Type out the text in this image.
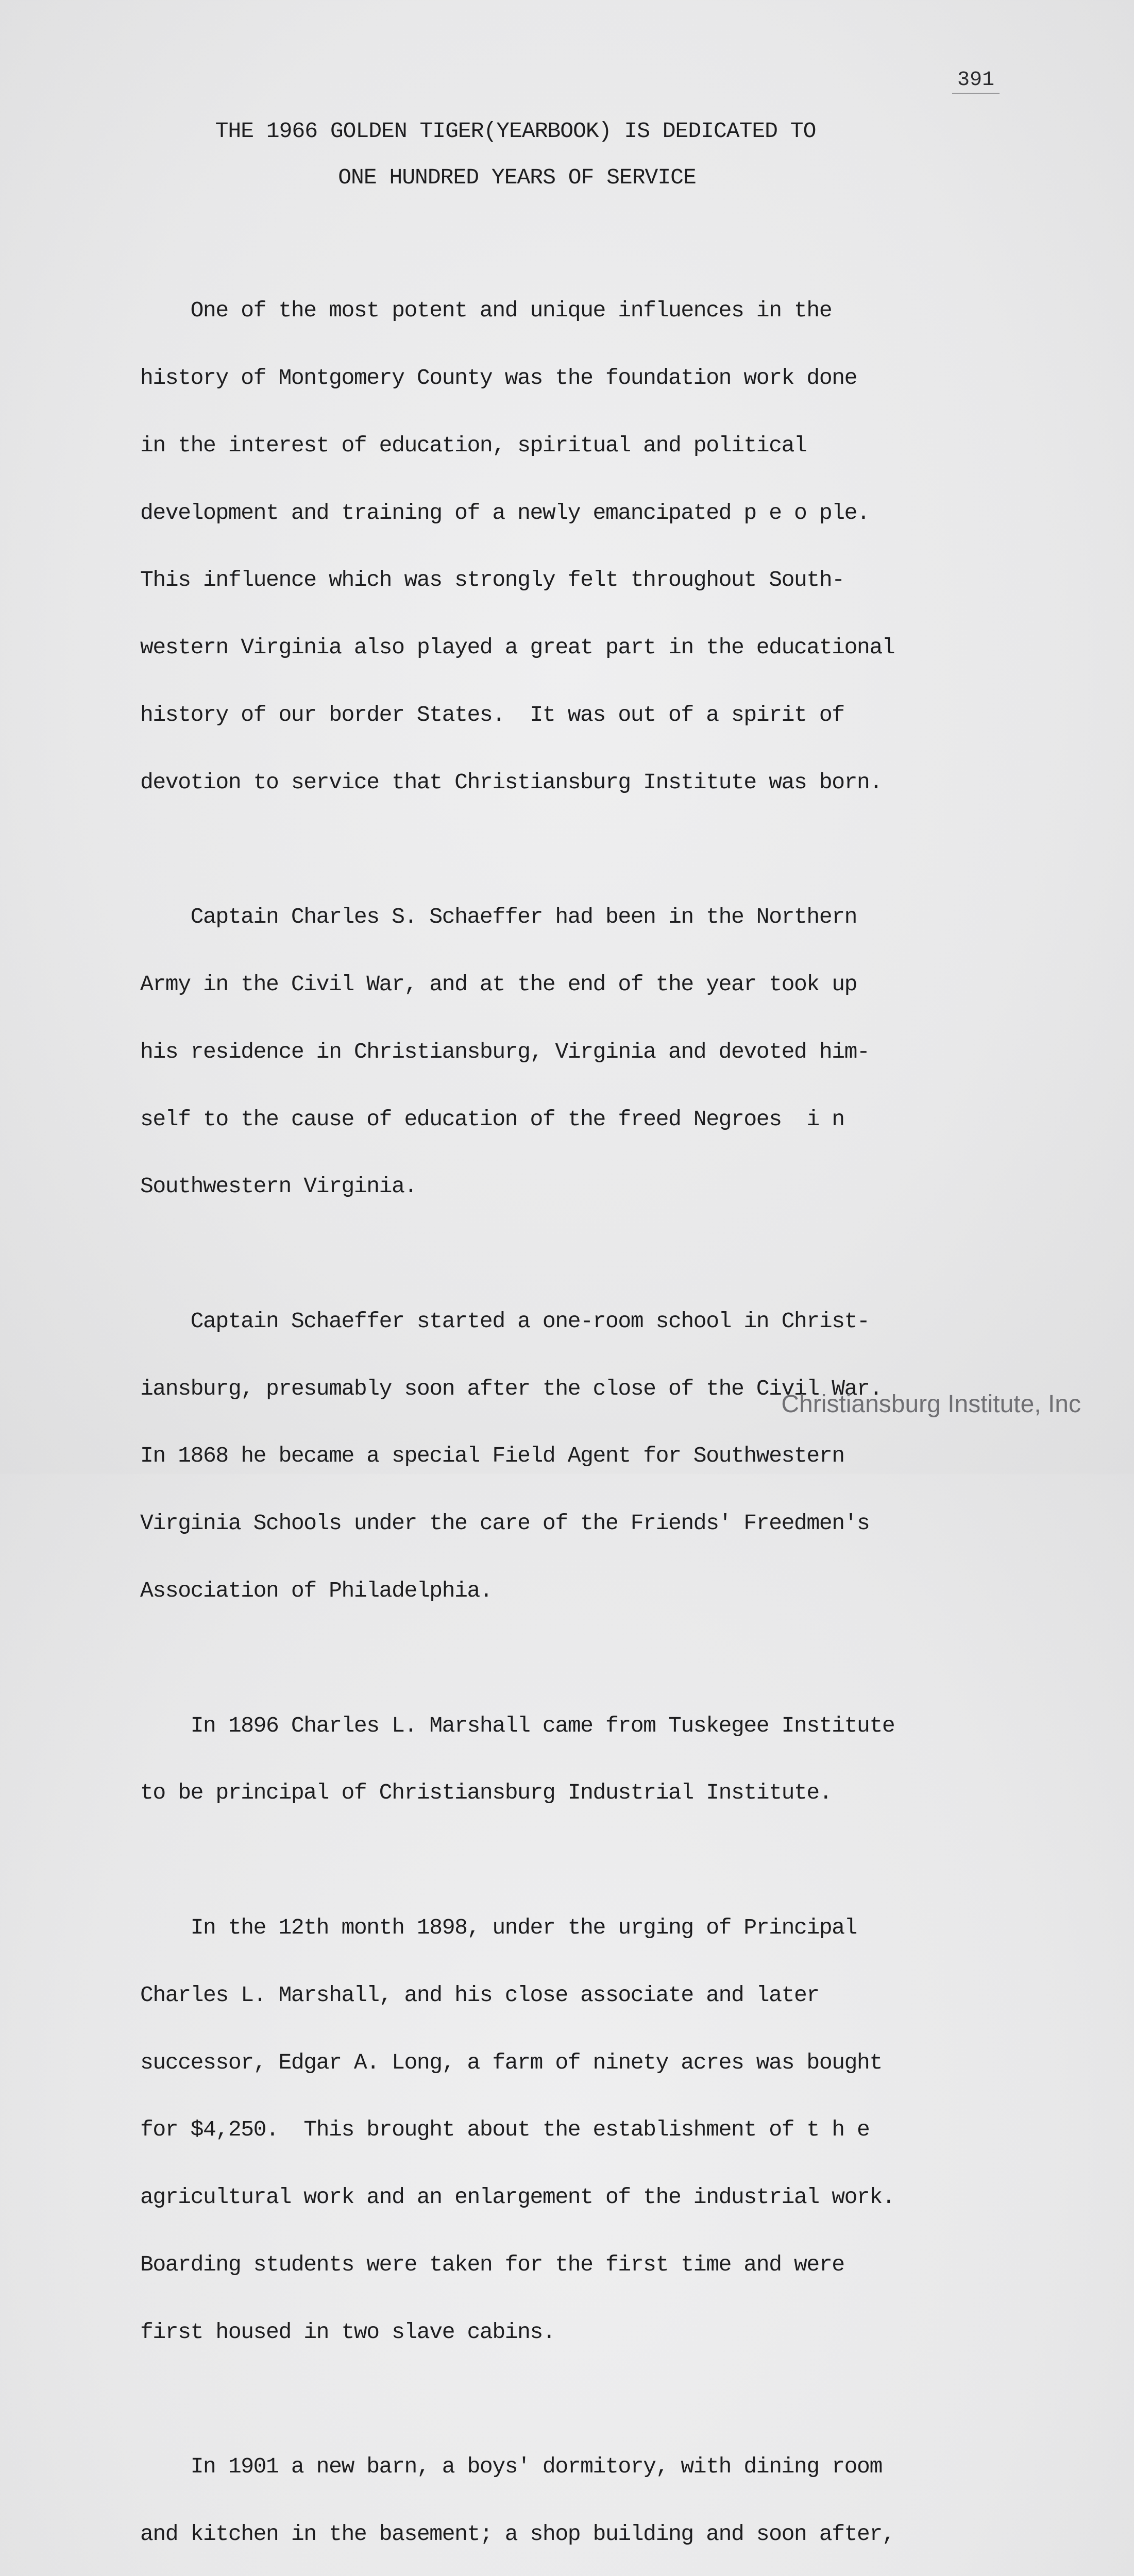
391
THE 1966 GOLDEN TIGER(YEARBOOK) IS DEDICATED TO
ONE HUNDRED YEARS OF SERVICE

One of the most potent and unique influences in the

history of Montgomery County was the foundation work done

in the interest of education, spiritual and political

development and training of a newly emancipated p e o ple.

This influence which was strongly felt throughout South-

western Virginia also played a great part in the educational

history of our border States.  It was out of a spirit of

devotion to service that Christiansburg Institute was born.

Captain Charles S. Schaeffer had been in the Northern

Army in the Civil War, and at the end of the year took up

his residence in Christiansburg, Virginia and devoted him-

self to the cause of education of the freed Negroes  i n

Southwestern Virginia.

Captain Schaeffer started a one-room school in Christ-

iansburg, presumably soon after the close of the Civil War.

In 1868 he became a special Field Agent for Southwestern

Virginia Schools under the care of the Friends' Freedmen's

Association of Philadelphia.

In 1896 Charles L. Marshall came from Tuskegee Institute

to be principal of Christiansburg Industrial Institute.

In the 12th month 1898, under the urging of Principal

Charles L. Marshall, and his close associate and later

successor, Edgar A. Long, a farm of ninety acres was bought

for $4,250.  This brought about the establishment of t h e

agricultural work and an enlargement of the industrial work.

Boarding students were taken for the first time and were

first housed in two slave cabins.

In 1901 a new barn, a boys' dormitory, with dining room

and kitchen in the basement; a shop building and soon after,

Christiansburg Institute, Inc
